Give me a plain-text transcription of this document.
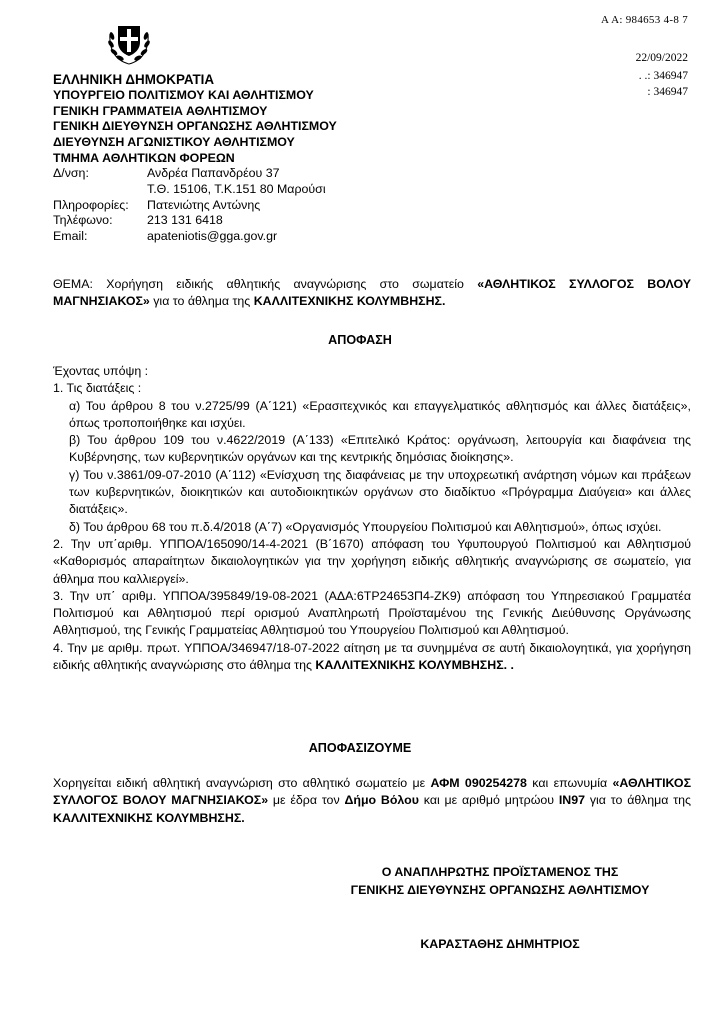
Α Α: 984653 4-8 7
22/09/2022
. .: 346947
: 346947
ΕΛΛΗΝΙΚΗ ΔΗΜΟΚΡΑΤΙΑ
ΥΠΟΥΡΓΕΙΟ ΠΟΛΙΤΙΣΜΟΥ ΚΑΙ ΑΘΛΗΤΙΣΜΟΥ
ΓΕΝΙΚΗ ΓΡΑΜΜΑΤΕΙΑ ΑΘΛΗΤΙΣΜΟΥ
ΓΕΝΙΚΗ ΔΙΕΥΘΥΝΣΗ ΟΡΓΑΝΩΣΗΣ ΑΘΛΗΤΙΣΜΟΥ
ΔΙΕΥΘΥΝΣΗ ΑΓΩΝΙΣΤΙΚΟΥ ΑΘΛΗΤΙΣΜΟΥ
ΤΜΗΜΑ ΑΘΛΗΤΙΚΩΝ ΦΟΡΕΩΝ
Δ/νση:	Ανδρέα Παπανδρέου 37
Τ.Θ. 15106, Τ.Κ.151 80 Μαρούσι
Πληροφορίες:	Πατενιώτης Αντώνης
Τηλέφωνο:	213 131 6418
Email:	apateniotis@gga.gov.gr
ΘΕΜΑ: Χορήγηση ειδικής αθλητικής αναγνώρισης στο σωματείο «ΑΘΛΗΤΙΚΟΣ ΣΥΛΛΟΓΟΣ ΒΟΛΟΥ ΜΑΓΝΗΣΙΑΚΟΣ» για το άθλημα της ΚΑΛΛΙΤΕΧΝΙΚΗΣ ΚΟΛΥΜΒΗΣΗΣ.
ΑΠΟΦΑΣΗ
Έχοντας υπόψη :
1. Τις διατάξεις :
α) Του άρθρου 8 του ν.2725/99 (Α΄121) «Ερασιτεχνικός και επαγγελματικός αθλητισμός και άλλες διατάξεις», όπως τροποποιήθηκε και ισχύει.
β) Του άρθρου 109 του ν.4622/2019 (Α΄133) «Επιτελικό Κράτος: οργάνωση, λειτουργία και διαφάνεια της Κυβέρνησης, των κυβερνητικών οργάνων και της κεντρικής δημόσιας διοίκησης».
γ) Του ν.3861/09-07-2010 (Α΄112) «Ενίσχυση της διαφάνειας με την υποχρεωτική ανάρτηση νόμων και πράξεων των κυβερνητικών, διοικητικών και αυτοδιοικητικών οργάνων στο διαδίκτυο «Πρόγραμμα Διαύγεια» και άλλες διατάξεις».
δ) Του άρθρου 68 του π.δ.4/2018 (Α΄7) «Οργανισμός Υπουργείου Πολιτισμού και Αθλητισμού», όπως ισχύει.
2. Την υπ΄αριθμ. ΥΠΠΟΑ/165090/14-4-2021 (Β΄1670) απόφαση του Υφυπουργού Πολιτισμού και Αθλητισμού «Καθορισμός απαραίτητων δικαιολογητικών για την χορήγηση ειδικής αθλητικής αναγνώρισης σε σωματείο, για άθλημα που καλλιεργεί».
3. Την υπ΄ αριθμ. ΥΠΠΟΑ/395849/19-08-2021 (ΑΔΑ:6ΤΡ24653Π4-ΖΚ9) απόφαση του Υπηρεσιακού Γραμματέα Πολιτισμού και Αθλητισμού περί ορισμού Αναπληρωτή Προϊσταμένου της Γενικής Διεύθυνσης Οργάνωσης Αθλητισμού, της Γενικής Γραμματείας Αθλητισμού του Υπουργείου Πολιτισμού και Αθλητισμού.
4. Την με αριθμ. πρωτ. ΥΠΠΟΑ/346947/18-07-2022 αίτηση με τα συνημμένα σε αυτή δικαιολογητικά, για χορήγηση ειδικής αθλητικής αναγνώρισης στο άθλημα της ΚΑΛΛΙΤΕΧΝΙΚΗΣ ΚΟΛΥΜΒΗΣΗΣ. .
ΑΠΟΦΑΣΙΖΟΥΜΕ
Χορηγείται ειδική αθλητική αναγνώριση στο αθλητικό σωματείο με ΑΦΜ 090254278 και επωνυμία «ΑΘΛΗΤΙΚΟΣ ΣΥΛΛΟΓΟΣ ΒΟΛΟΥ ΜΑΓΝΗΣΙΑΚΟΣ» με έδρα τον Δήμο Βόλου και με αριθμό μητρώου ΙΝ97 για το άθλημα της ΚΑΛΛΙΤΕΧΝΙΚΗΣ ΚΟΛΥΜΒΗΣΗΣ.
Ο ΑΝΑΠΛΗΡΩΤΗΣ ΠΡΟΪΣΤΑΜΕΝΟΣ ΤΗΣ
ΓΕΝΙΚΗΣ ΔΙΕΥΘΥΝΣΗΣ ΟΡΓΑΝΩΣΗΣ ΑΘΛΗΤΙΣΜΟΥ
ΚΑΡΑΣΤΑΘΗΣ ΔΗΜΗΤΡΙΟΣ
